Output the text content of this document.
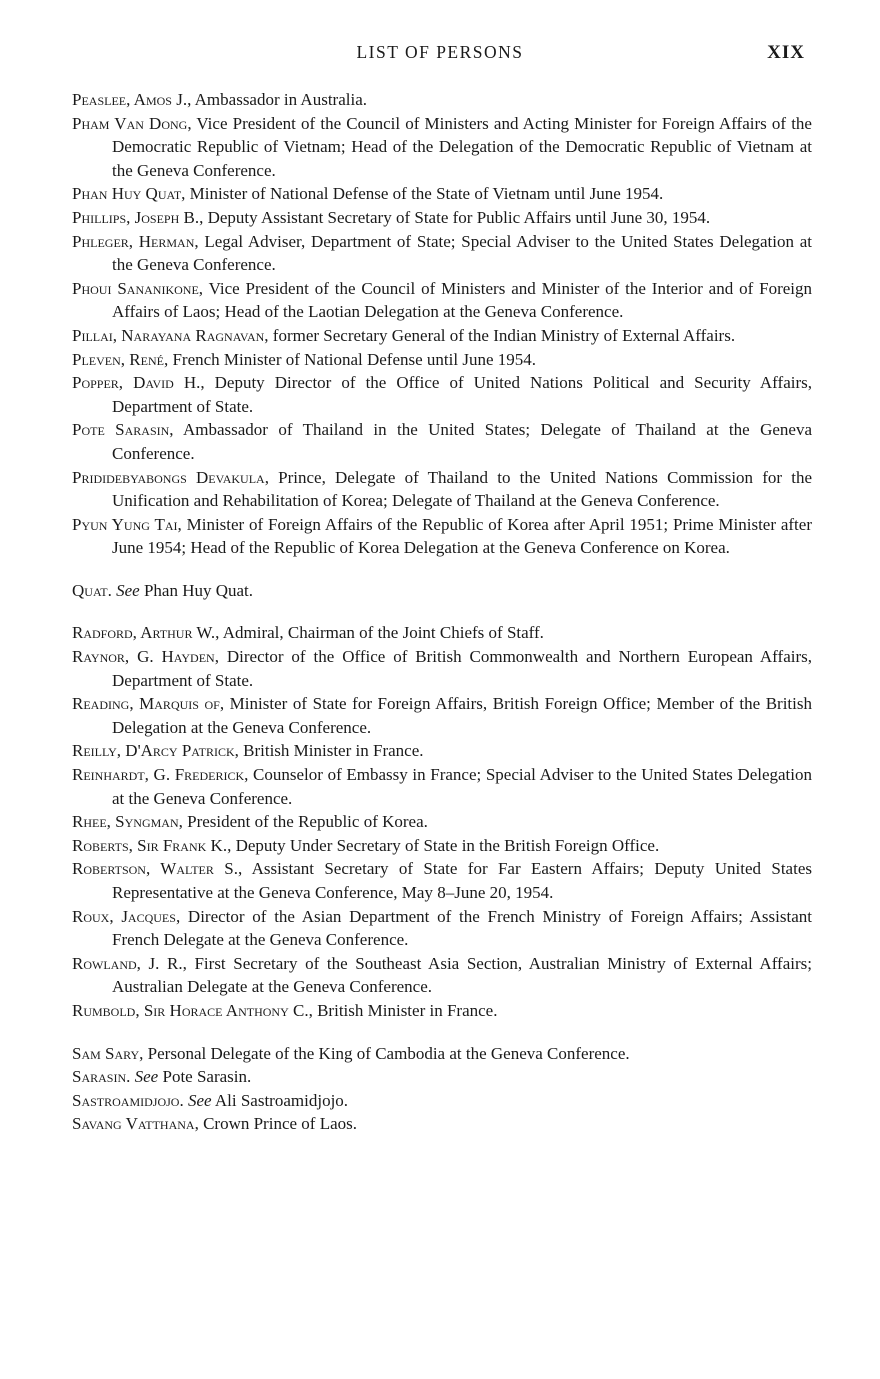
LIST OF PERSONS	XIX

Peaslee, Amos J., Ambassador in Australia.

Pham Van Dong, Vice President of the Council of Ministers and Acting Minister for Foreign Affairs of the Democratic Republic of Vietnam; Head of the Delegation of the Democratic Republic of Vietnam at the Geneva Conference.

Phan Huy Quat, Minister of National Defense of the State of Vietnam until June 1954.

Phillips, Joseph B., Deputy Assistant Secretary of State for Public Affairs until June 30, 1954.

Phleger, Herman, Legal Adviser, Department of State; Special Adviser to the United States Delegation at the Geneva Conference.

Phoui Sananikone, Vice President of the Council of Ministers and Minister of the Interior and of Foreign Affairs of Laos; Head of the Laotian Delegation at the Geneva Conference.

Pillai, Narayana Ragnavan, former Secretary General of the Indian Ministry of External Affairs.

Pleven, René, French Minister of National Defense until June 1954.

Popper, David H., Deputy Director of the Office of United Nations Political and Security Affairs, Department of State.

Pote Sarasin, Ambassador of Thailand in the United States; Delegate of Thailand at the Geneva Conference.

Prididebyabongs Devakula, Prince, Delegate of Thailand to the United Nations Commission for the Unification and Rehabilitation of Korea; Delegate of Thailand at the Geneva Conference.

Pyun Yung Tai, Minister of Foreign Affairs of the Republic of Korea after April 1951; Prime Minister after June 1954; Head of the Republic of Korea Delegation at the Geneva Conference on Korea.

Quat. See Phan Huy Quat.

Radford, Arthur W., Admiral, Chairman of the Joint Chiefs of Staff.

Raynor, G. Hayden, Director of the Office of British Commonwealth and Northern European Affairs, Department of State.

Reading, Marquis of, Minister of State for Foreign Affairs, British Foreign Office; Member of the British Delegation at the Geneva Conference.

Reilly, D'Arcy Patrick, British Minister in France.

Reinhardt, G. Frederick, Counselor of Embassy in France; Special Adviser to the United States Delegation at the Geneva Conference.

Rhee, Syngman, President of the Republic of Korea.

Roberts, Sir Frank K., Deputy Under Secretary of State in the British Foreign Office.

Robertson, Walter S., Assistant Secretary of State for Far Eastern Affairs; Deputy United States Representative at the Geneva Conference, May 8–June 20, 1954.

Roux, Jacques, Director of the Asian Department of the French Ministry of Foreign Affairs; Assistant French Delegate at the Geneva Conference.

Rowland, J. R., First Secretary of the Southeast Asia Section, Australian Ministry of External Affairs; Australian Delegate at the Geneva Conference.

Rumbold, Sir Horace Anthony C., British Minister in France.

Sam Sary, Personal Delegate of the King of Cambodia at the Geneva Conference.

Sarasin. See Pote Sarasin.

Sastroamidjojo. See Ali Sastroamidjojo.

Savang Vatthana, Crown Prince of Laos.
